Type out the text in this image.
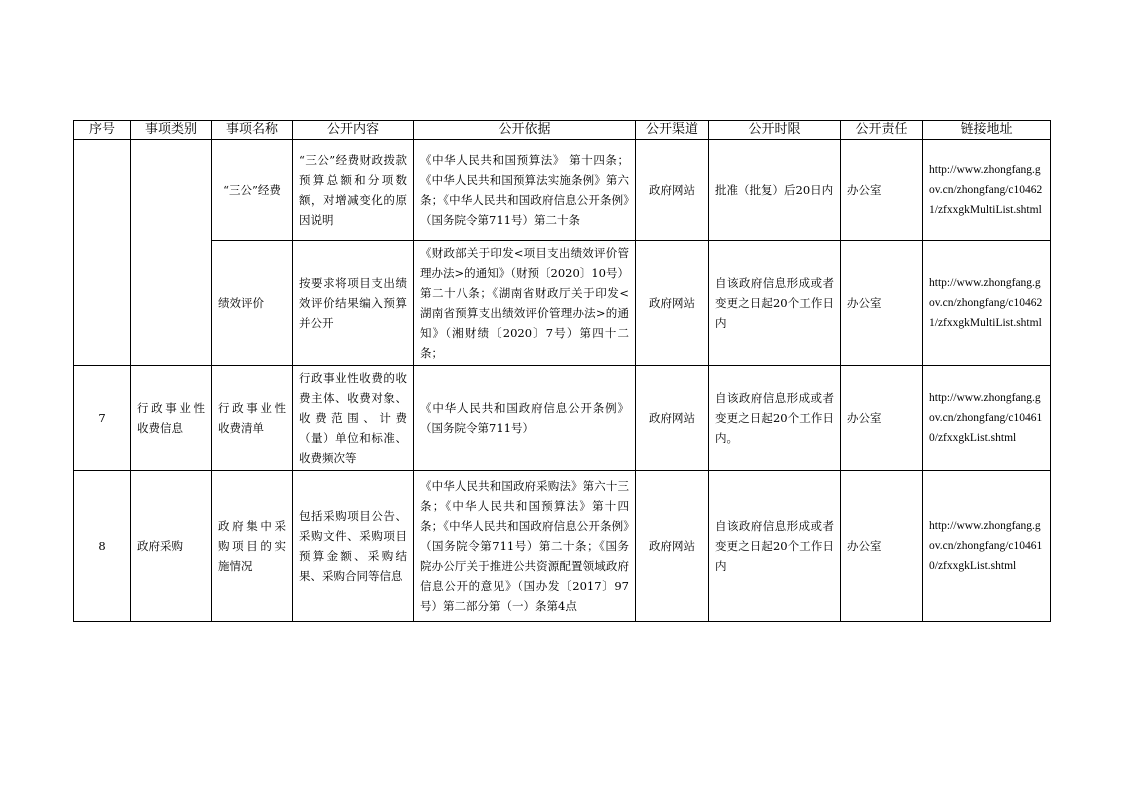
序号	事项类别	事项名称	公开内容	公开依据	公开渠道	公开时限	公开责任	链接地址
		“三公”经费	“三公”经费财政拨款预算总额和分项数额，对增减变化的原因说明	《中华人民共和国预算法》 第十四条；《中华人民共和国预算法实施条例》第六条；《中华人民共和国政府信息公开条例》（国务院令第711号）第二十条	政府网站	批准（批复）后20日内	办公室	http://www.zhongfang.gov.cn/zhongfang/c104621/zfxxgkMultiList.shtml
		绩效评价	按要求将项目支出绩效评价结果编入预算并公开	《财政部关于印发<项目支出绩效评价管理办法>的通知》（财预〔2020〕10号）第二十八条；《湖南省财政厅关于印发<湖南省预算支出绩效评价管理办法>的通知》（湘财绩〔2020〕7号）第四十二条；	政府网站	自该政府信息形成或者变更之日起20个工作日内	办公室	http://www.zhongfang.gov.cn/zhongfang/c104621/zfxxgkMultiList.shtml
7	行政事业性收费信息	行政事业性收费清单	行政事业性收费的收费主体、收费对象、收费范围、计费（量）单位和标准、收费频次等	《中华人民共和国政府信息公开条例》（国务院令第711号）	政府网站	自该政府信息形成或者变更之日起20个工作日内。	办公室	http://www.zhongfang.gov.cn/zhongfang/c104610/zfxxgkList.shtml
8	政府采购	政府集中采购项目的实施情况	包括采购项目公告、采购文件、采购项目预算金额、采购结果、采购合同等信息	《中华人民共和国政府采购法》第六十三条；《中华人民共和国预算法》第十四条；《中华人民共和国政府信息公开条例》（国务院令第711号）第二十条；《国务院办公厅关于推进公共资源配置领域政府信息公开的意见》（国办发〔2017〕97号）第二部分第（一）条第4点	政府网站	自该政府信息形成或者变更之日起20个工作日内	办公室	http://www.zhongfang.gov.cn/zhongfang/c104610/zfxxgkList.shtml
